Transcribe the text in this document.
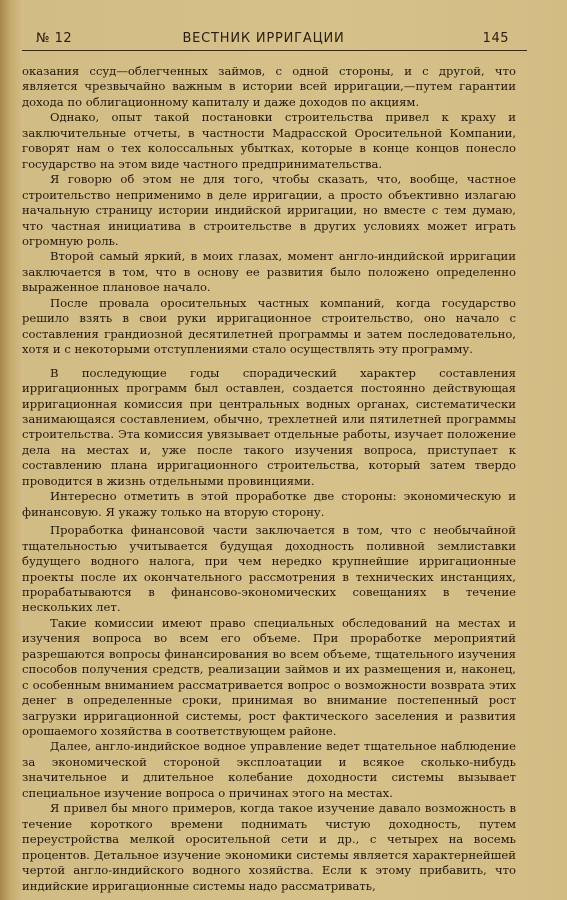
№ 12	ВЕСТНИК ИРРИГАЦИИ	145

оказания ссуд—облегченных займов, с одной стороны, и с другой, что является чрезвычайно важным в истории всей ирригации,—путем гарантии дохода по облигационному капиталу и даже доходов по акциям.

Однако, опыт такой постановки строительства привел к краху и заключительные отчеты, в частности Мадрасской Оросительной Компании, говорят нам о тех колоссальных убытках, которые в конце концов понесло государство на этом виде частного предпринимательства.

Я говорю об этом не для того, чтобы сказать, что, вообще, частное строительство неприменимо в деле ирригации, а просто объективно излагаю начальную страницу истории индийской ирригации, но вместе с тем думаю, что частная инициатива в строительстве в других условиях может играть огромную роль.

Второй самый яркий, в моих глазах, момент англо-индийской ирригации заключается в том, что в основу ее развития было положено определенно выраженное плановое начало.

После провала оросительных частных компаний, когда государство решило взять в свои руки ирригационное строительство, оно начало с составления грандиозной десятилетней программы и затем последовательно, хотя и с некоторыми отступлениями стало осуществлять эту программу.

В последующие годы спорадический характер составления ирригационных программ был оставлен, создается постоянно действующая ирригационная комиссия при центральных водных органах, систематически занимающаяся составлением, обычно, трехлетней или пятилетней программы строительства. Эта комиссия увязывает отдельные работы, изучает положение дела на местах и, уже после такого изучения вопроса, приступает к составлению плана ирригационного строительства, который затем твердо проводится в жизнь отдельными провинциями.

Интересно отметить в этой проработке две стороны: экономическую и финансовую. Я укажу только на вторую сторону.

Проработка финансовой части заключается в том, что с необычайной тщательностью учитывается будущая доходность поливной землиставки будущего водного налога, при чем нередко крупнейшие ирригационные проекты после их окончательного рассмотрения в технических инстанциях, прорабатываются в финансово-экономических совещаниях в течение нескольких лет.

Такие комиссии имеют право специальных обследований на местах и изучения вопроса во всем его объеме. При проработке мероприятий разрешаются вопросы финансирования во всем объеме, тщательного изучения способов получения средств, реализации займов и их размещения и, наконец, с особенным вниманием рассматривается вопрос о возможности возврата этих денег в определенные сроки, принимая во внимание постепенный рост загрузки ирригационной системы, рост фактического заселения и развития орошаемого хозяйства в соответствующем районе.

Далее, англо-индийское водное управление ведет тщательное наблюдение за экономической стороной эксплоатации и всякое сколько-нибудь значительное и длительное колебание доходности системы вызывает специальное изучение вопроса о причинах этого на местах.

Я привел бы много примеров, когда такое изучение давало возможность в течение короткого времени поднимать чистую доходность, путем переустройства мелкой оросительной сети и др., с четырех на восемь процентов. Детальное изучение экономики системы является характернейшей чертой англо-индийского водного хозяйства. Если к этому прибавить, что индийские ирригационные системы надо рассматривать,
